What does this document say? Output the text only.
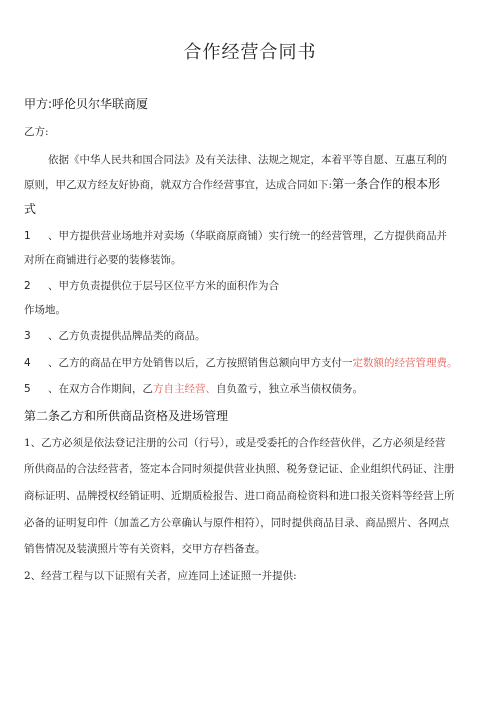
合作经营合同书
甲方:呼伦贝尔华联商厦
乙方:
依据《中华人民共和国合同法》及有关法律、法规之规定，本着平等自愿、互惠互利的
原则，甲乙双方经友好协商，就双方合作经营事宜，达成合同如下:第一条合作的根本形
式
1 、甲方提供营业场地并对卖场（华联商原商铺）实行统一的经营管理，乙方提供商品并
对所在商铺进行必要的装修装饰。
2 、甲方负责提供位于层号区位平方米的面积作为合
作场地。
3 、乙方负责提供品牌品类的商品。
4 、乙方的商品在甲方处销售以后，乙方按照销售总额向甲方支付一定数额的经营管理费。
5 、在双方合作期间，乙方自主经营、自负盈亏，独立承当债权债务。
第二条乙方和所供商品资格及进场管理
1、乙方必须是依法登记注册的公司（行号），或是受委托的合作经营伙伴，乙方必须是经营
所供商品的合法经营者，签定本合同时须提供营业执照、税务登记证、企业组织代码证、注册
商标证明、品牌授权经销证明、近期质检报告、进口商品商检资料和进口报关资料等经营上所
必备的证明复印件（加盖乙方公章确认与原件相符），同时提供商品目录、商品照片、各网点
销售情况及装潢照片等有关资料，交甲方存档备查。
2、经营工程与以下证照有关者，应连同上述证照一并提供:
